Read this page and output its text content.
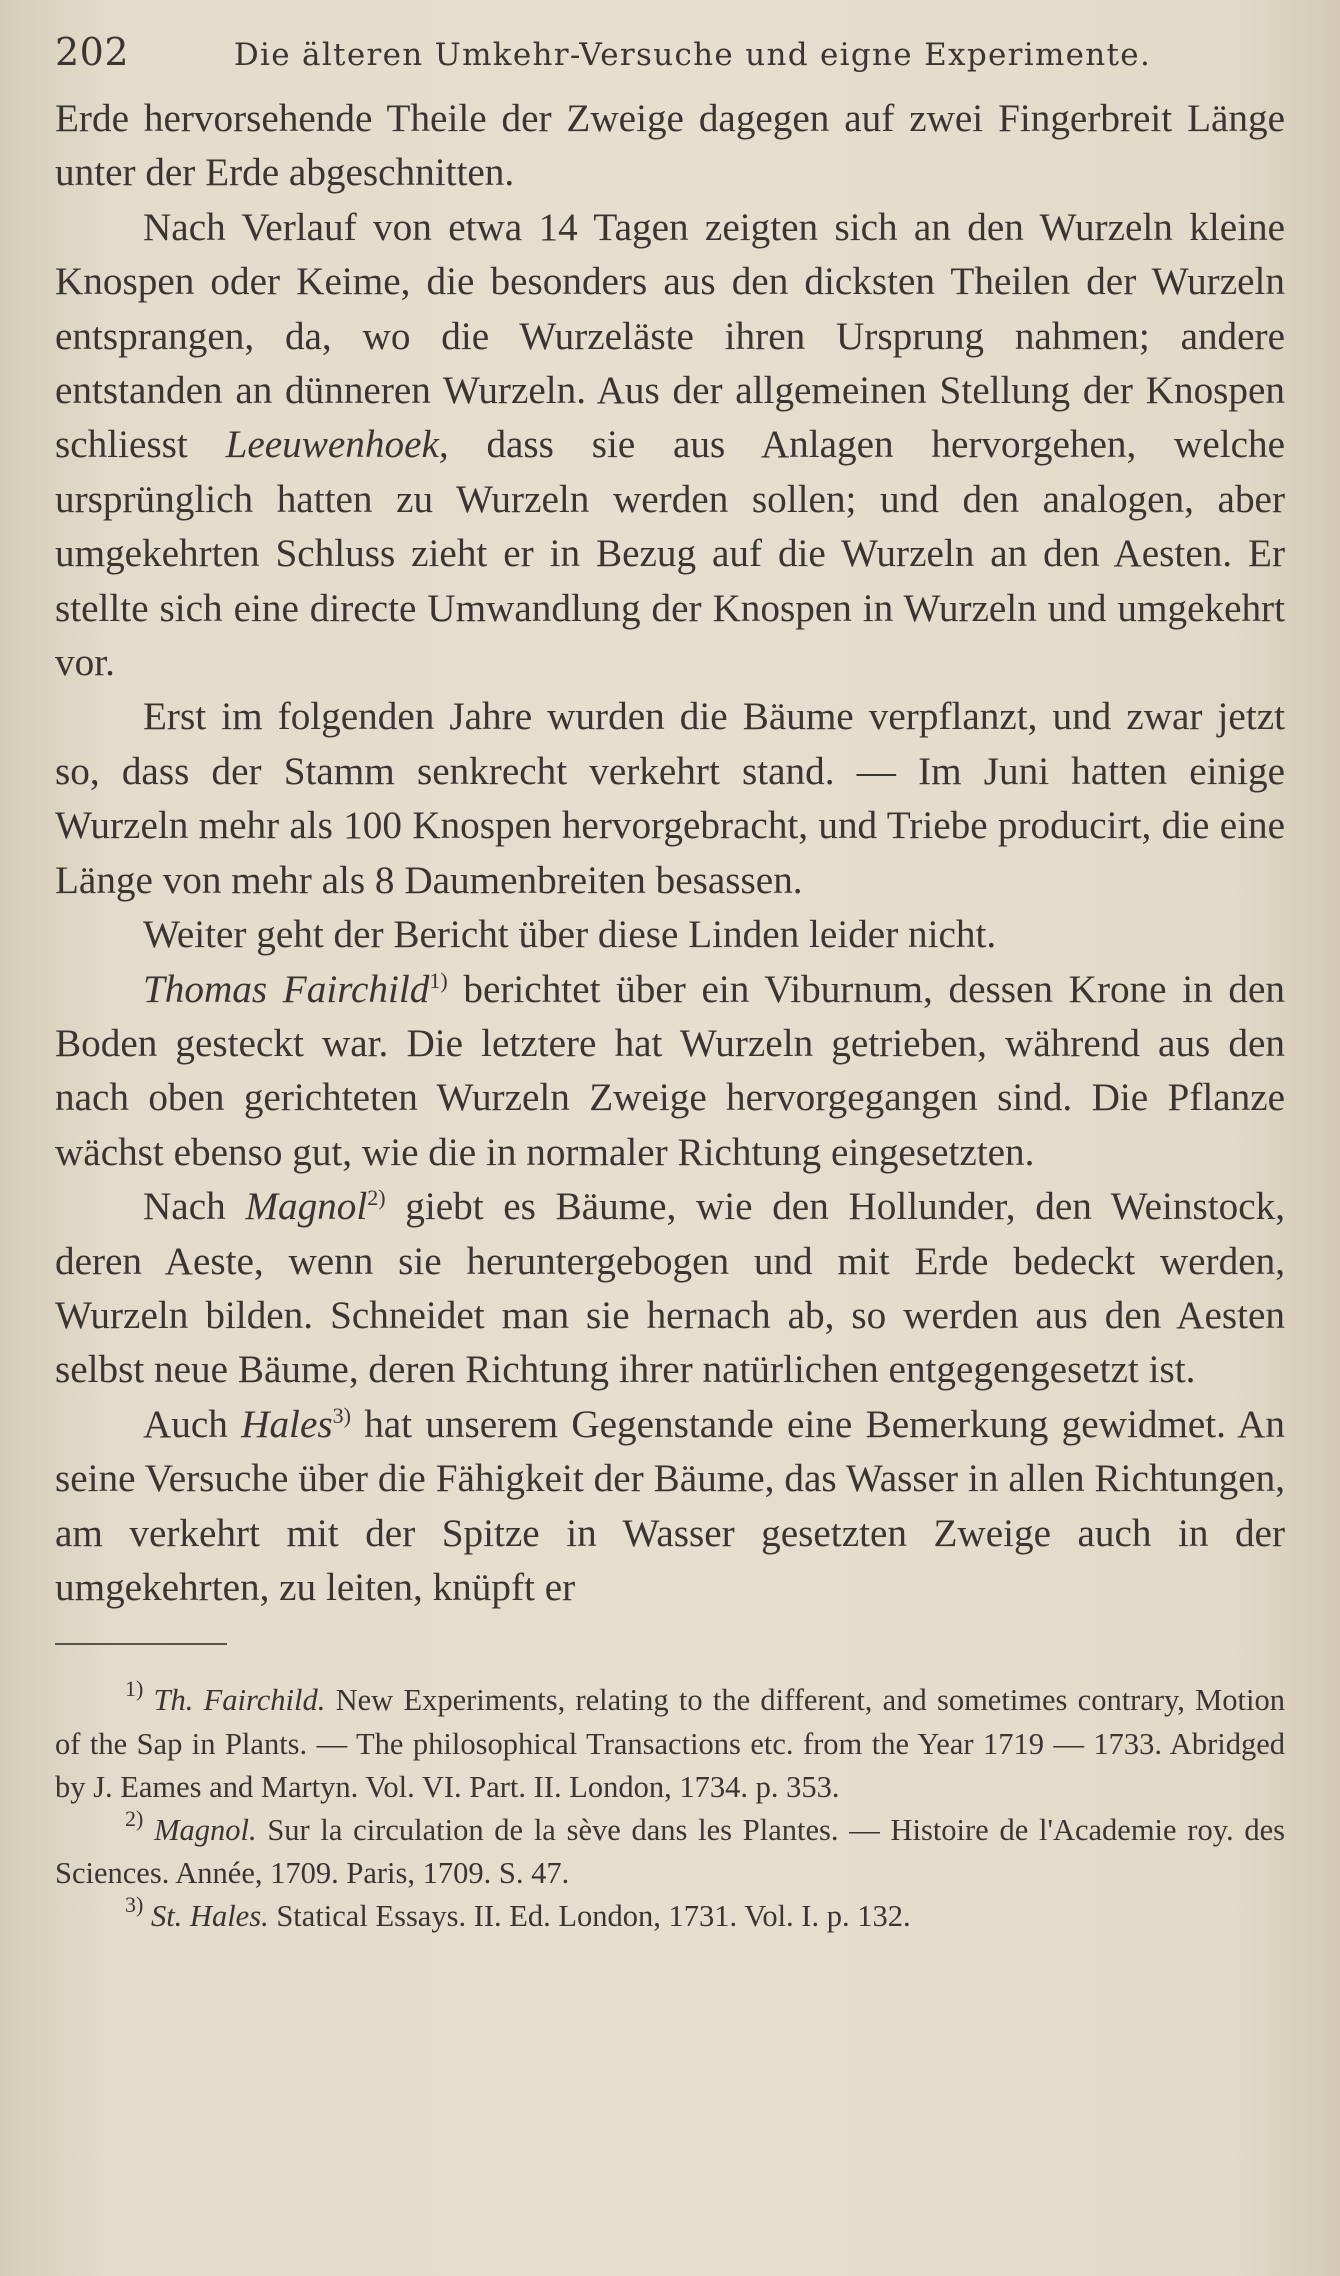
202	Die älteren Umkehr-Versuche und eigne Experimente.

Erde hervorsehende Theile der Zweige dagegen auf zwei Fingerbreit Länge unter der Erde abgeschnitten.

Nach Verlauf von etwa 14 Tagen zeigten sich an den Wurzeln kleine Knospen oder Keime, die besonders aus den dicksten Theilen der Wurzeln entsprangen, da, wo die Wurzeläste ihren Ursprung nahmen; andere entstanden an dünneren Wurzeln. Aus der allgemeinen Stellung der Knospen schliesst Leeuwenhoek, dass sie aus Anlagen hervorgehen, welche ursprünglich hatten zu Wurzeln werden sollen; und den analogen, aber umgekehrten Schluss zieht er in Bezug auf die Wurzeln an den Aesten. Er stellte sich eine directe Umwandlung der Knospen in Wurzeln und umgekehrt vor.

Erst im folgenden Jahre wurden die Bäume verpflanzt, und zwar jetzt so, dass der Stamm senkrecht verkehrt stand. — Im Juni hatten einige Wurzeln mehr als 100 Knospen hervorgebracht, und Triebe producirt, die eine Länge von mehr als 8 Daumenbreiten besassen.

Weiter geht der Bericht über diese Linden leider nicht.

Thomas Fairchild$^{1)}$ berichtet über ein Viburnum, dessen Krone in den Boden gesteckt war. Die letztere hat Wurzeln getrieben, während aus den nach oben gerichteten Wurzeln Zweige hervorgegangen sind. Die Pflanze wächst ebenso gut, wie die in normaler Richtung eingesetzten.

Nach Magnol$^{2)}$ giebt es Bäume, wie den Hollunder, den Weinstock, deren Aeste, wenn sie heruntergebogen und mit Erde bedeckt werden, Wurzeln bilden. Schneidet man sie hernach ab, so werden aus den Aesten selbst neue Bäume, deren Richtung ihrer natürlichen entgegengesetzt ist.

Auch Hales$^{3)}$ hat unserem Gegenstande eine Bemerkung gewidmet. An seine Versuche über die Fähigkeit der Bäume, das Wasser in allen Richtungen, am verkehrt mit der Spitze in Wasser gesetzten Zweige auch in der umgekehrten, zu leiten, knüpft er

$^{1)}$ Th. Fairchild. New Experiments, relating to the different, and sometimes contrary, Motion of the Sap in Plants. — The philosophical Transactions etc. from the Year 1719 — 1733. Abridged by J. Eames and Martyn. Vol. VI. Part. II. London, 1734. p. 353.

$^{2)}$ Magnol. Sur la circulation de la sève dans les Plantes. — Histoire de l'Academie roy. des Sciences. Année, 1709. Paris, 1709. S. 47.

$^{3)}$ St. Hales. Statical Essays. II. Ed. London, 1731. Vol. I. p. 132.
